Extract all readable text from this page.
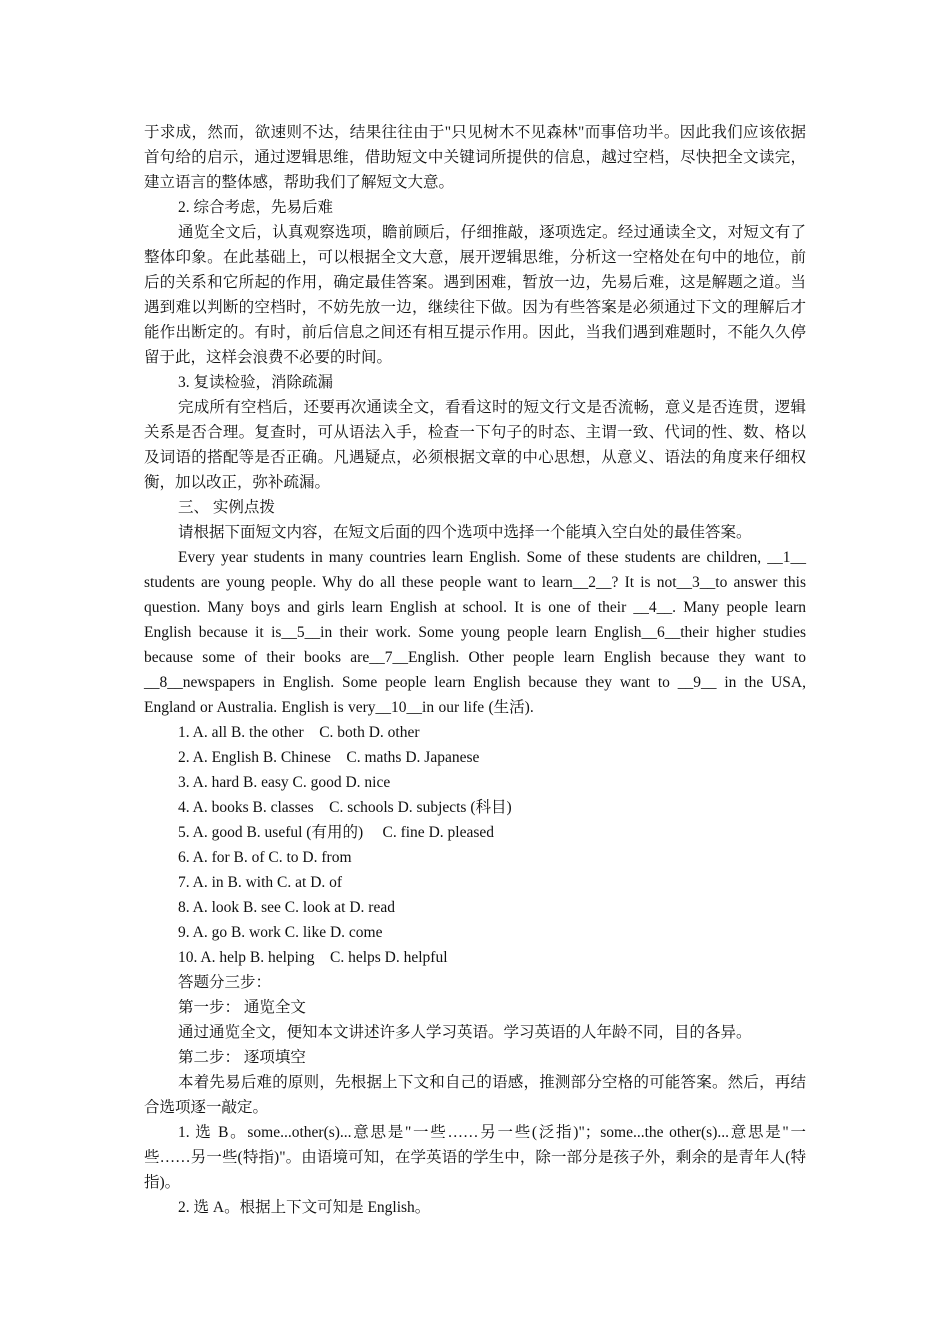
于求成，然而，欲速则不达，结果往往由于"只见树木不见森林"而事倍功半。因此我们应该依据首句给的启示，通过逻辑思维，借助短文中关键词所提供的信息，越过空档，尽快把全文读完，建立语言的整体感，帮助我们了解短文大意。

2. 综合考虑，先易后难

通览全文后，认真观察选项，瞻前顾后，仔细推敲，逐项选定。经过通读全文，对短文有了整体印象。在此基础上，可以根据全文大意，展开逻辑思维，分析这一空格处在句中的地位，前后的关系和它所起的作用，确定最佳答案。遇到困难，暂放一边，先易后难，这是解题之道。当遇到难以判断的空档时，不妨先放一边，继续往下做。因为有些答案是必须通过下文的理解后才能作出断定的。有时，前后信息之间还有相互提示作用。因此，当我们遇到难题时，不能久久停留于此，这样会浪费不必要的时间。

3. 复读检验，消除疏漏

完成所有空档后，还要再次通读全文，看看这时的短文行文是否流畅，意义是否连贯，逻辑关系是否合理。复查时，可从语法入手，检查一下句子的时态、主谓一致、代词的性、数、格以及词语的搭配等是否正确。凡遇疑点，必须根据文章的中心思想，从意义、语法的角度来仔细权衡，加以改正，弥补疏漏。

三、 实例点拨

请根据下面短文内容，在短文后面的四个选项中选择一个能填入空白处的最佳答案。

Every year students in many countries learn English. Some of these students are children, __1__ students are young people. Why do all these people want to learn__2__? It is not__3__to answer this question. Many boys and girls learn English at school. It is one of their __4__. Many people learn English because it is__5__in their work. Some young people learn English__6__their higher studies because some of their books are__7__English. Other people learn English because they want to __8__newspapers in English. Some people learn English because they want to __9__ in the USA, England or Australia. English is very__10__in our life (生活).

1. A. all B. the other    C. both D. other

2. A. English B. Chinese    C. maths D. Japanese

3. A. hard B. easy C. good D. nice

4. A. books B. classes    C. schools D. subjects (科目)

5. A. good B. useful (有用的)     C. fine D. pleased

6. A. for B. of C. to D. from

7. A. in B. with C. at D. of

8. A. look B. see C. look at D. read

9. A. go B. work C. like D. come

10. A. help B. helping    C. helps D. helpful

答题分三步：

第一步： 通览全文

通过通览全文，便知本文讲述许多人学习英语。学习英语的人年龄不同，目的各异。

第二步： 逐项填空

本着先易后难的原则，先根据上下文和自己的语感，推测部分空格的可能答案。然后，再结合选项逐一敲定。

1. 选 B。some...other(s)...意思是"一些……另一些(泛指)"；some...the other(s)...意思是"一些……另一些(特指)"。由语境可知，在学英语的学生中，除一部分是孩子外，剩余的是青年人(特指)。

2. 选 A。根据上下文可知是 English。
